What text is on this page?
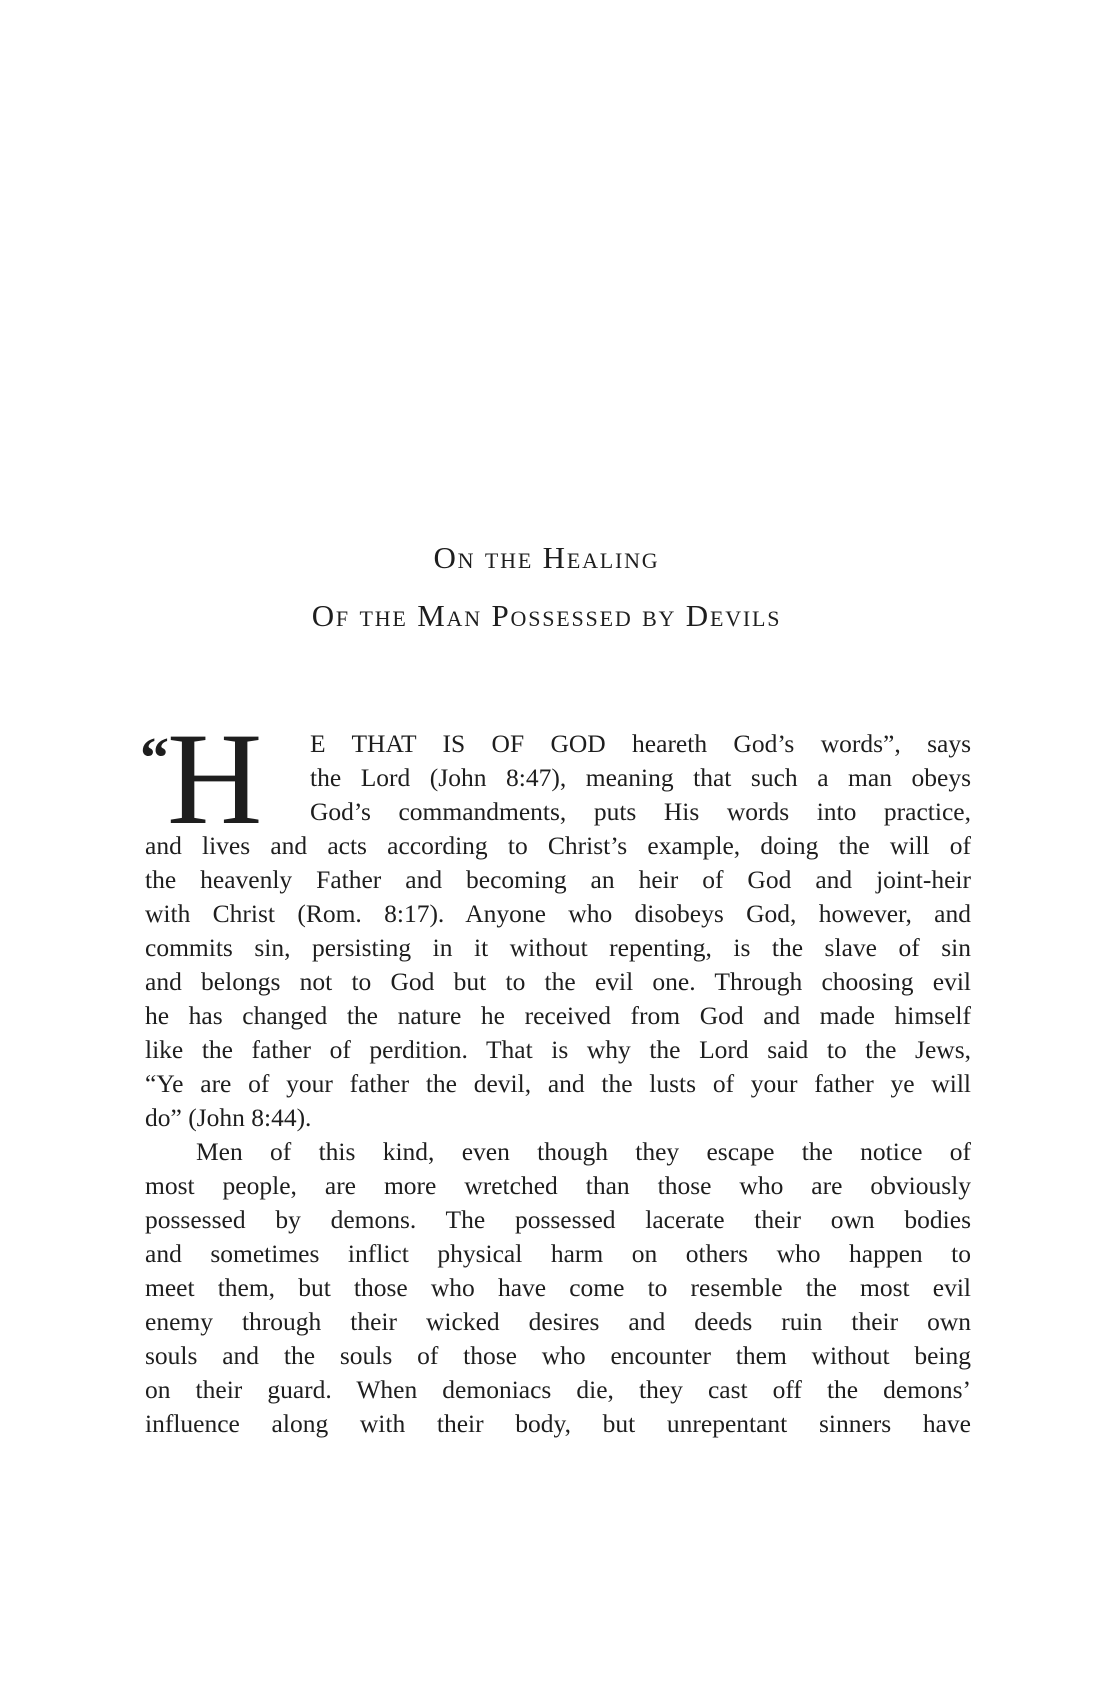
On the Healing
Of the Man Possessed by Devils
“H E THAT IS OF GOD heareth God’s words”, says
the Lord (John 8:47), meaning that such a man obeys
God’s commandments, puts His words into practice,
and lives and acts according to Christ’s example, doing the will of
the heavenly Father and becoming an heir of God and joint-heir
with Christ (Rom. 8:17). Anyone who disobeys God, however, and
commits sin, persisting in it without repenting, is the slave of sin
and belongs not to God but to the evil one. Through choosing evil
he has changed the nature he received from God and made himself
like the father of perdition. That is why the Lord said to the Jews,
“Ye are of your father the devil, and the lusts of your father ye will
do” (John 8:44).
Men of this kind, even though they escape the notice of
most people, are more wretched than those who are obviously
possessed by demons. The possessed lacerate their own bodies
and sometimes inflict physical harm on others who happen to
meet them, but those who have come to resemble the most evil
enemy through their wicked desires and deeds ruin their own
souls and the souls of those who encounter them without being
on their guard. When demoniacs die, they cast off the demons’
influence along with their body, but unrepentant sinners have
